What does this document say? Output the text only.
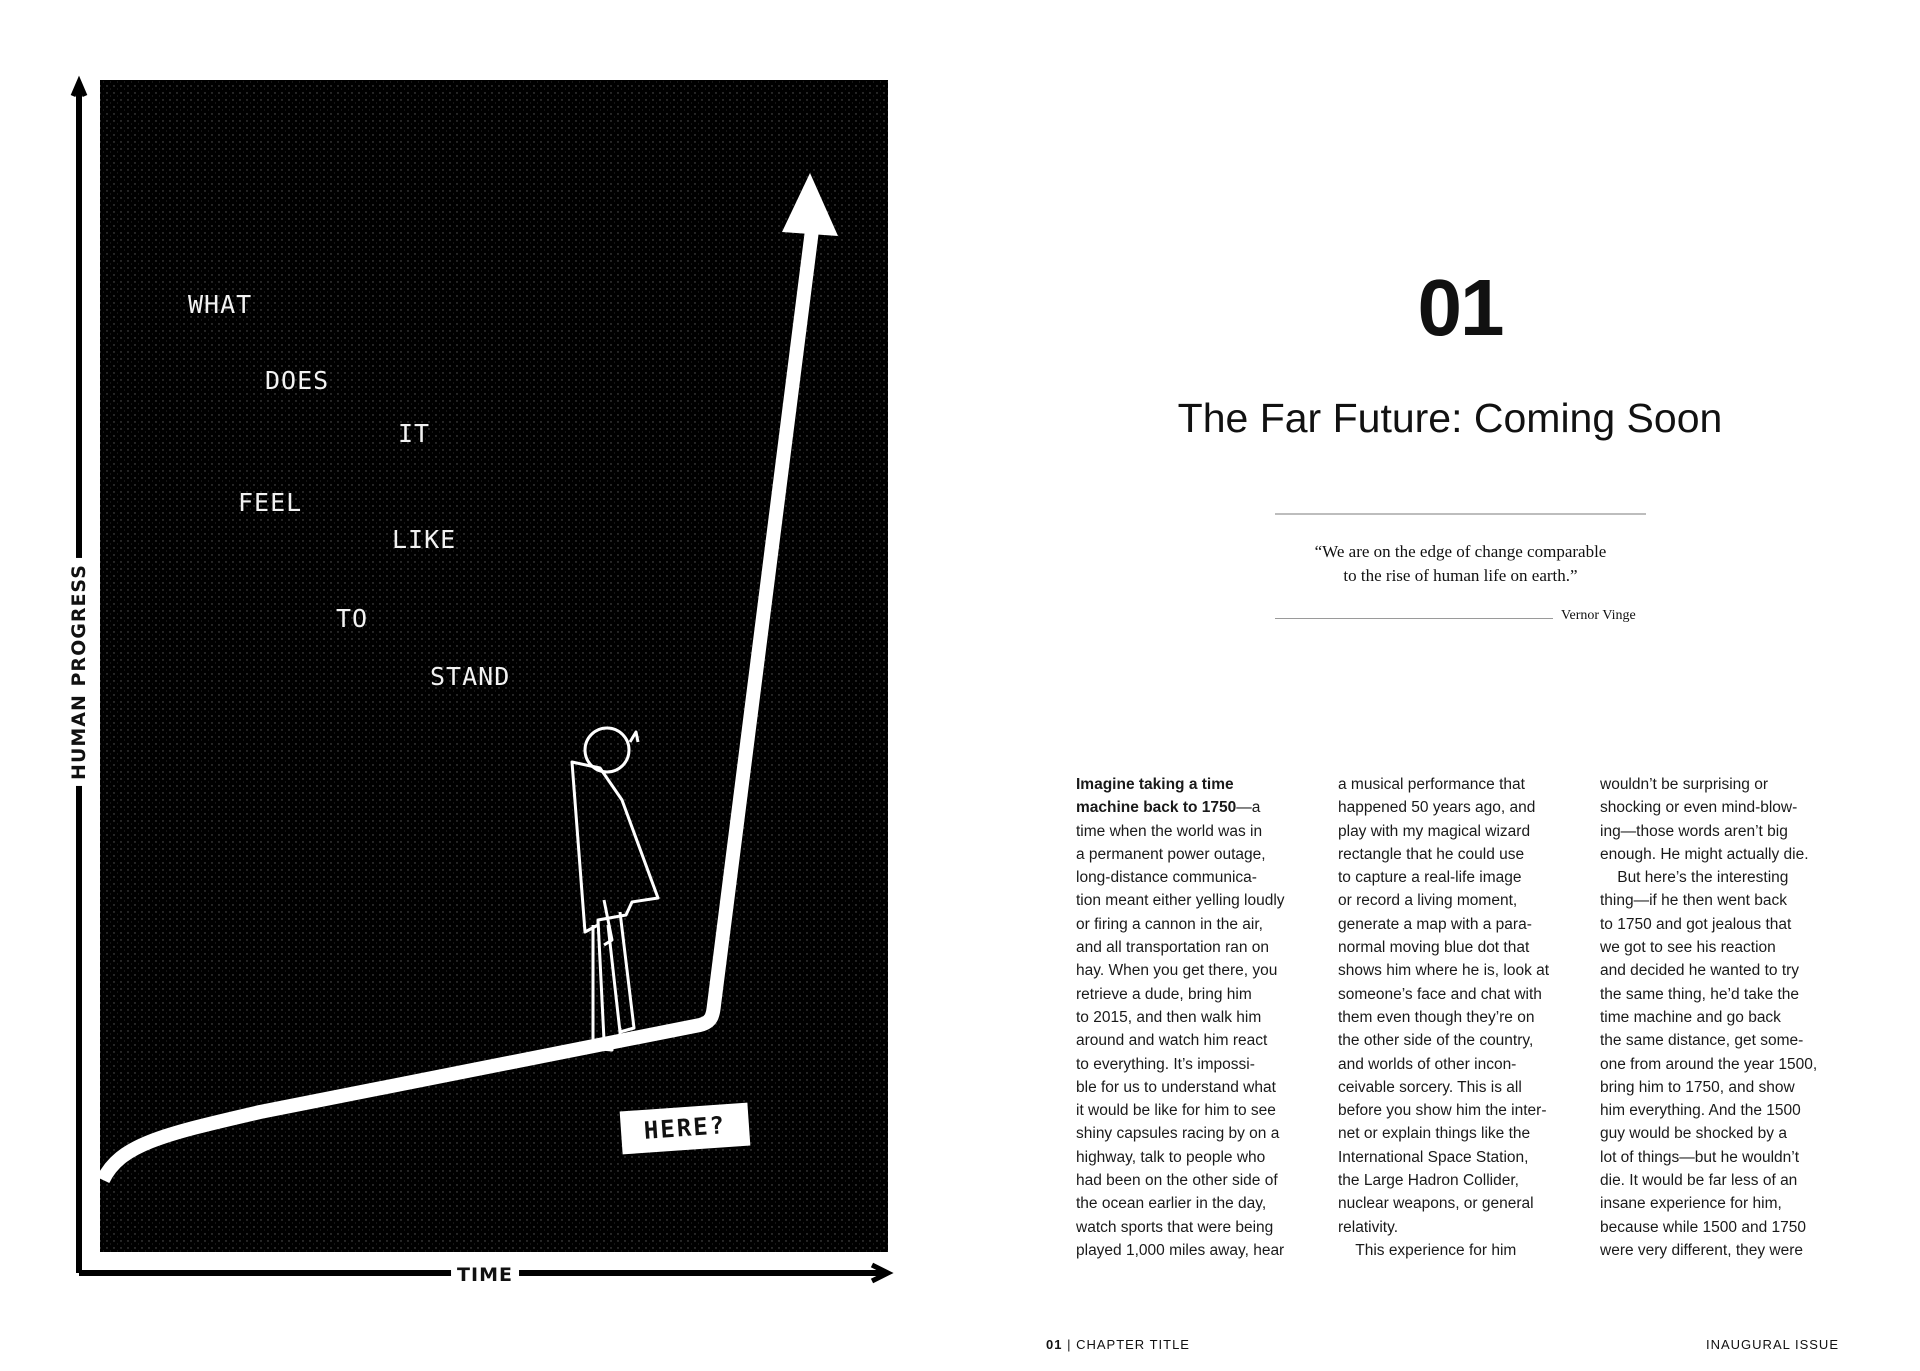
WHAT
DOES
IT
FEEL
LIKE
TO
STAND
HUMAN PROGRESS
TIME
HERE?
01
The Far Future: Coming Soon
“We are on the edge of change comparable
to the rise of human life on earth.”
Vernor Vinge
Imagine taking a time
machine back to 1750—a
time when the world was in
a permanent power outage,
long-distance communica-
tion meant either yelling loudly
or firing a cannon in the air,
and all transportation ran on
hay. When you get there, you
retrieve a dude, bring him
to 2015, and then walk him
around and watch him react
to everything. It’s impossi-
ble for us to understand what
it would be like for him to see
shiny capsules racing by on a
highway, talk to people who
had been on the other side of
the ocean earlier in the day,
watch sports that were being
played 1,000 miles away, hear
a musical performance that
happened 50 years ago, and
play with my magical wizard
rectangle that he could use
to capture a real-life image
or record a living moment,
generate a map with a para-
normal moving blue dot that
shows him where he is, look at
someone’s face and chat with
them even though they’re on
the other side of the country,
and worlds of other incon-
ceivable sorcery. This is all
before you show him the inter-
net or explain things like the
International Space Station,
the Large Hadron Collider,
nuclear weapons, or general
relativity.
This experience for him
wouldn’t be surprising or
shocking or even mind-blow-
ing—those words aren’t big
enough. He might actually die.
But here’s the interesting
thing—if he then went back
to 1750 and got jealous that
we got to see his reaction
and decided he wanted to try
the same thing, he’d take the
time machine and go back
the same distance, get some-
one from around the year 1500,
bring him to 1750, and show
him everything. And the 1500
guy would be shocked by a
lot of things—but he wouldn’t
die. It would be far less of an
insane experience for him,
because while 1500 and 1750
were very different, they were
01 | CHAPTER TITLE	INAUGURAL ISSUE
